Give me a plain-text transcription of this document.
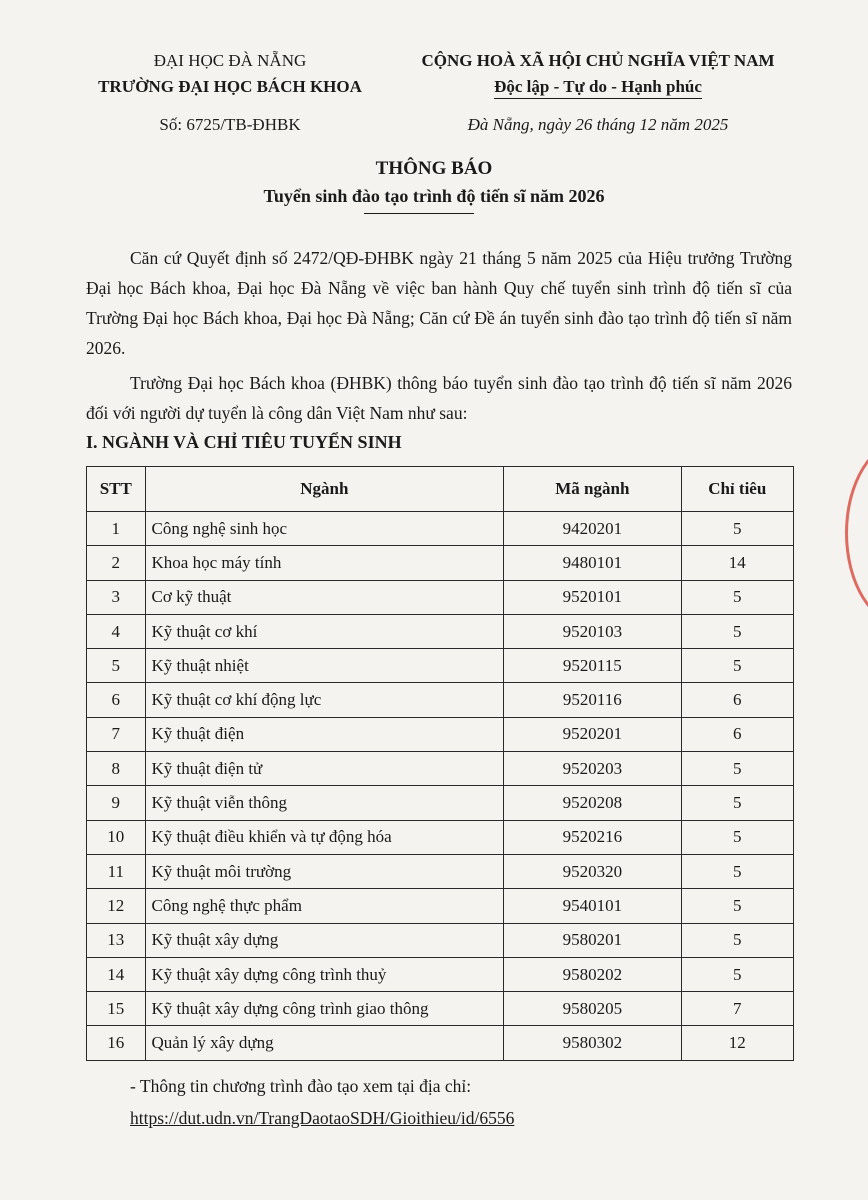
ĐẠI HỌC ĐÀ NẴNG
TRƯỜNG ĐẠI HỌC BÁCH KHOA
Số: 6725/TB-ĐHBK
CỘNG HOÀ XÃ HỘI CHỦ NGHĨA VIỆT NAM
Độc lập - Tự do - Hạnh phúc
Đà Nẵng, ngày 26 tháng 12 năm 2025
THÔNG BÁO
Tuyển sinh đào tạo trình độ tiến sĩ năm 2026
Căn cứ Quyết định số 2472/QĐ-ĐHBK ngày 21 tháng 5 năm 2025 của Hiệu trưởng Trường Đại học Bách khoa, Đại học Đà Nẵng về việc ban hành Quy chế tuyển sinh trình độ tiến sĩ của Trường Đại học Bách khoa, Đại học Đà Nẵng; Căn cứ Đề án tuyển sinh đào tạo trình độ tiến sĩ năm 2026.
Trường Đại học Bách khoa (ĐHBK) thông báo tuyển sinh đào tạo trình độ tiến sĩ năm 2026 đối với người dự tuyển là công dân Việt Nam như sau:
I. NGÀNH VÀ CHỈ TIÊU TUYỂN SINH
STT	Ngành	Mã ngành	Chỉ tiêu
1	Công nghệ sinh học	9420201	5
2	Khoa học máy tính	9480101	14
3	Cơ kỹ thuật	9520101	5
4	Kỹ thuật cơ khí	9520103	5
5	Kỹ thuật nhiệt	9520115	5
6	Kỹ thuật cơ khí động lực	9520116	6
7	Kỹ thuật điện	9520201	6
8	Kỹ thuật điện tử	9520203	5
9	Kỹ thuật viễn thông	9520208	5
10	Kỹ thuật điều khiển và tự động hóa	9520216	5
11	Kỹ thuật môi trường	9520320	5
12	Công nghệ thực phẩm	9540101	5
13	Kỹ thuật xây dựng	9580201	5
14	Kỹ thuật xây dựng công trình thuỷ	9580202	5
15	Kỹ thuật xây dựng công trình giao thông	9580205	7
16	Quản lý xây dựng	9580302	12
- Thông tin chương trình đào tạo xem tại địa chỉ:
https://dut.udn.vn/TrangDaotaoSDH/Gioithieu/id/6556
